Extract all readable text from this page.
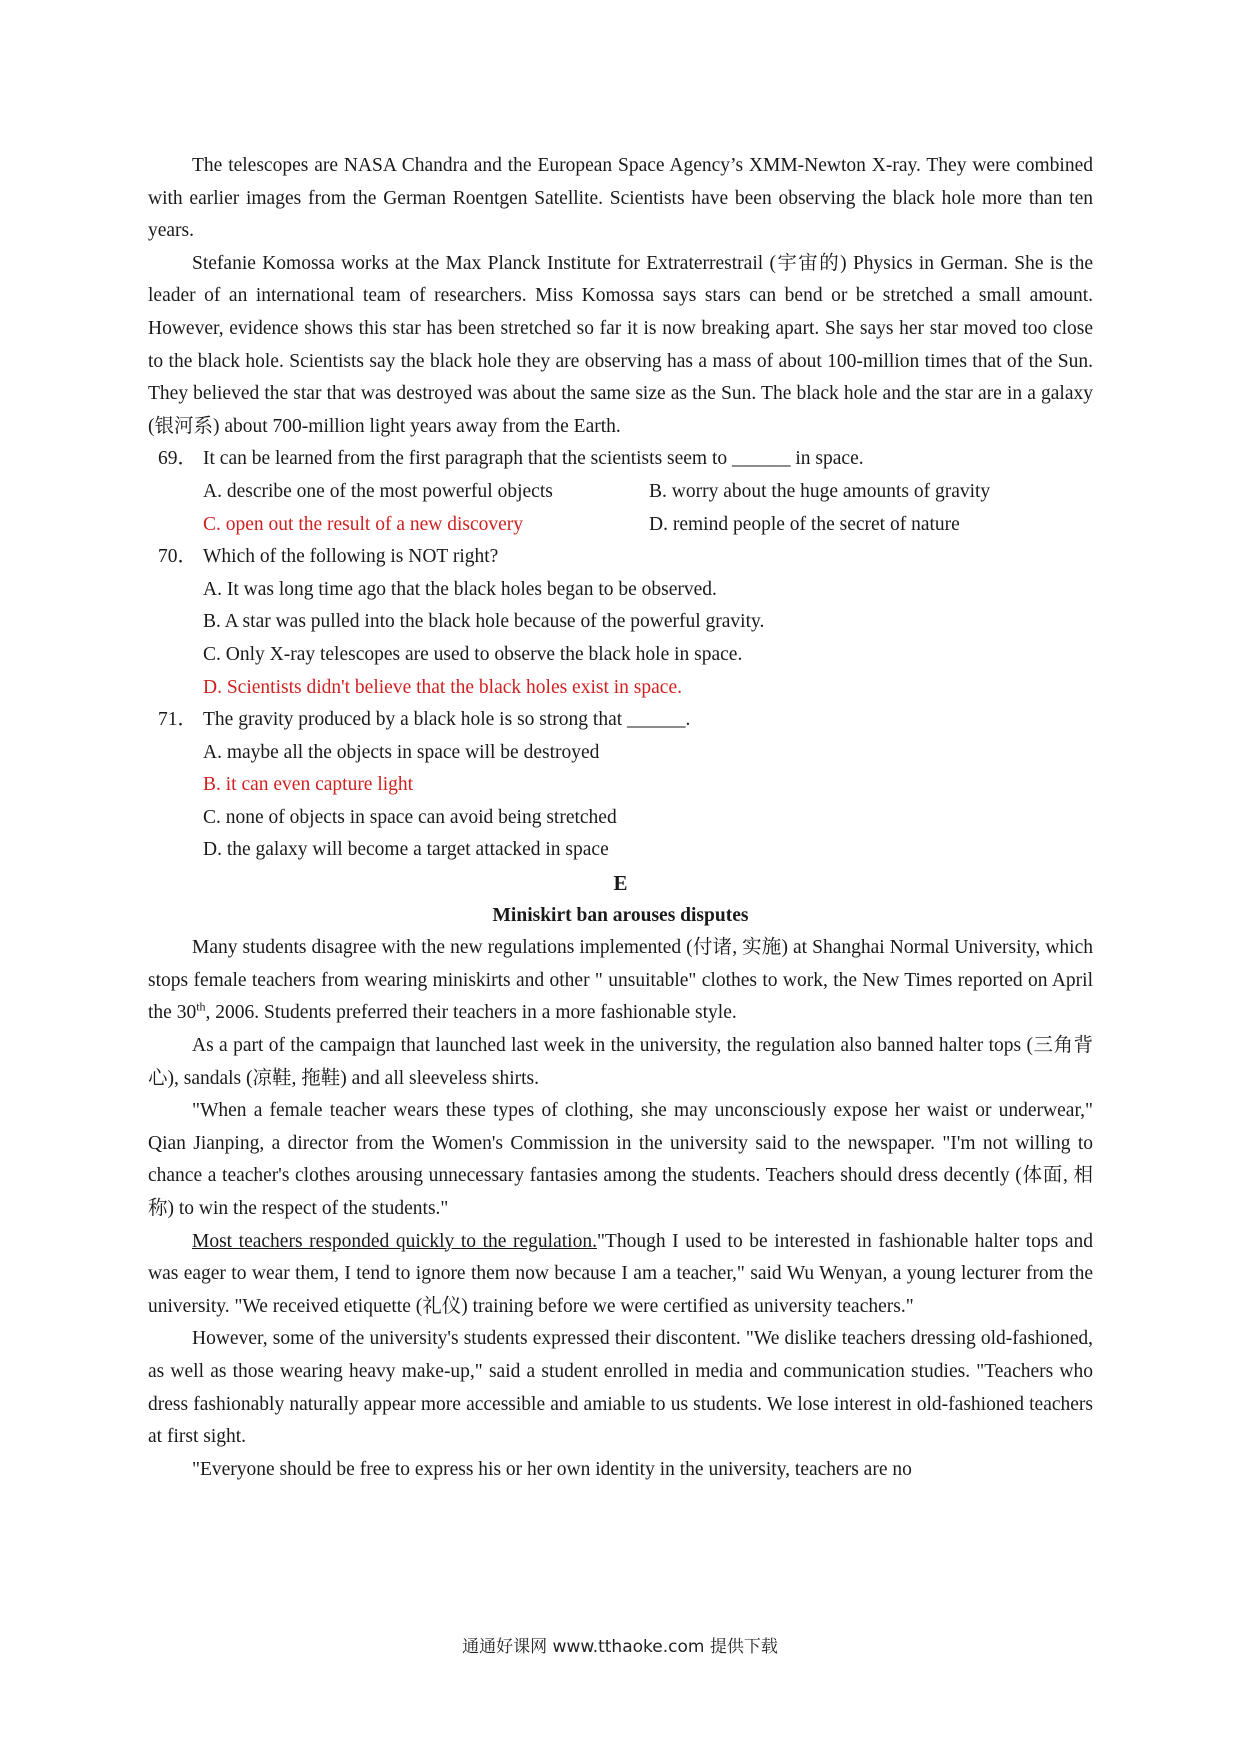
The telescopes are NASA Chandra and the European Space Agency’s XMM-Newton X-ray. They were combined with earlier images from the German Roentgen Satellite. Scientists have been observing the black hole more than ten years.

Stefanie Komossa works at the Max Planck Institute for Extraterrestrail (宇宙的) Physics in German. She is the leader of an international team of researchers. Miss Komossa says stars can bend or be stretched a small amount. However, evidence shows this star has been stretched so far it is now breaking apart. She says her star moved too close to the black hole. Scientists say the black hole they are observing has a mass of about 100-million times that of the Sun. They believed the star that was destroyed was about the same size as the Sun. The black hole and the star are in a galaxy (银河系) about 700-million light years away from the Earth.

69． It can be learned from the first paragraph that the scientists seem to ______ in space.

A. describe one of the most powerful objects	B. worry about the huge amounts of gravity
C. open out the result of a new discovery	D. remind people of the secret of nature

70． Which of the following is NOT right?

A. It was long time ago that the black holes began to be observed.

B. A star was pulled into the black hole because of the powerful gravity.

C. Only X-ray telescopes are used to observe the black hole in space.

D. Scientists didn't believe that the black holes exist in space.

71． The gravity produced by a black hole is so strong that ______.

A. maybe all the objects in space will be destroyed

B. it can even capture light

C. none of objects in space can avoid being stretched

D. the galaxy will become a target attacked in space

E

Miniskirt ban arouses disputes

Many students disagree with the new regulations implemented (付诸, 实施) at Shanghai Normal University, which stops female teachers from wearing miniskirts and other " unsuitable" clothes to work, the New Times reported on April the 30th, 2006. Students preferred their teachers in a more fashionable style.

As a part of the campaign that launched last week in the university, the regulation also banned halter tops (三角背心), sandals (凉鞋, 拖鞋) and all sleeveless shirts.

"When a female teacher wears these types of clothing, she may unconsciously expose her waist or underwear," Qian Jianping, a director from the Women's Commission in the university said to the newspaper. "I'm not willing to chance a teacher's clothes arousing unnecessary fantasies among the students. Teachers should dress decently (体面, 相称) to win the respect of the students."

Most teachers responded quickly to the regulation."Though I used to be interested in fashionable halter tops and was eager to wear them, I tend to ignore them now because I am a teacher," said Wu Wenyan, a young lecturer from the university. "We received etiquette (礼仪) training before we were certified as university teachers."

However, some of the university's students expressed their discontent. "We dislike teachers dressing old-fashioned, as well as those wearing heavy make-up," said a student enrolled in media and communication studies. "Teachers who dress fashionably naturally appear more accessible and amiable to us students. We lose interest in old-fashioned teachers at first sight.

"Everyone should be free to express his or her own identity in the university, teachers are no

通通好课网 www.tthaoke.com 提供下载
